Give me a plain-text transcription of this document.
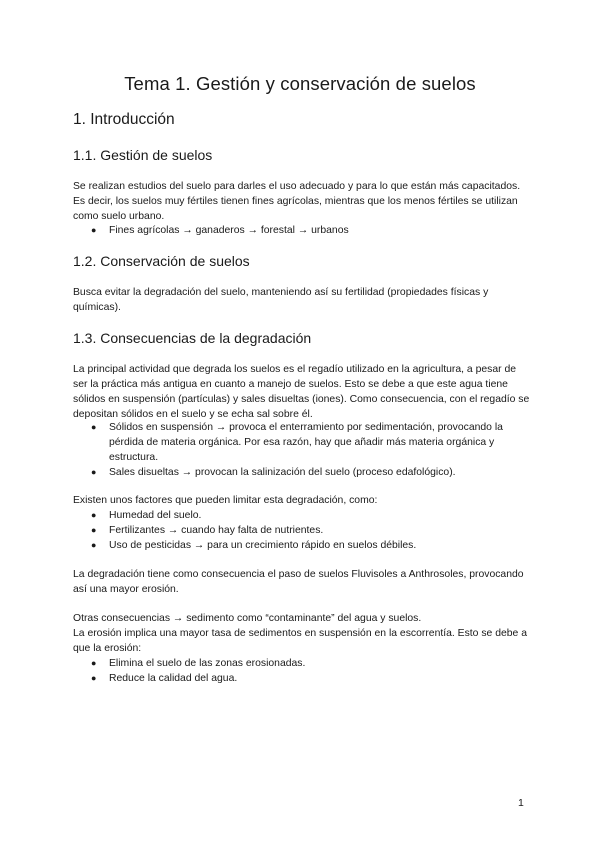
Tema 1. Gestión y conservación de suelos
1. Introducción
1.1. Gestión de suelos

Se realizan estudios del suelo para darles el uso adecuado y para lo que están más capacitados. Es decir, los suelos muy fértiles tienen fines agrícolas, mientras que los menos fértiles se utilizan como suelo urbano.

●	Fines agrícolas → ganaderos → forestal → urbanos
1.2. Conservación de suelos

Busca evitar la degradación del suelo, manteniendo así su fertilidad (propiedades físicas y químicas).

1.3. Consecuencias de la degradación

La principal actividad que degrada los suelos es el regadío utilizado en la agricultura, a pesar de ser la práctica más antigua en cuanto a manejo de suelos. Esto se debe a que este agua tiene sólidos en suspensión (partículas) y sales disueltas (iones). Como consecuencia, con el regadío se depositan sólidos en el suelo y se echa sal sobre él.

●	Sólidos en suspensión → provoca el enterramiento por sedimentación, provocando la pérdida de materia orgánica. Por esa razón, hay que añadir más materia orgánica y estructura.
●	Sales disueltas → provocan la salinización del suelo (proceso edafológico).

Existen unos factores que pueden limitar esta degradación, como:

●	Humedad del suelo.
●	Fertilizantes → cuando hay falta de nutrientes.
●	Uso de pesticidas → para un crecimiento rápido en suelos débiles.

La degradación tiene como consecuencia el paso de suelos Fluvisoles a Anthrosoles, provocando así una mayor erosión.

Otras consecuencias → sedimento como “contaminante” del agua y suelos.

La erosión implica una mayor tasa de sedimentos en suspensión en la escorrentía. Esto se debe a que la erosión:

●	Elimina el suelo de las zonas erosionadas.
●	Reduce la calidad del agua.
1
